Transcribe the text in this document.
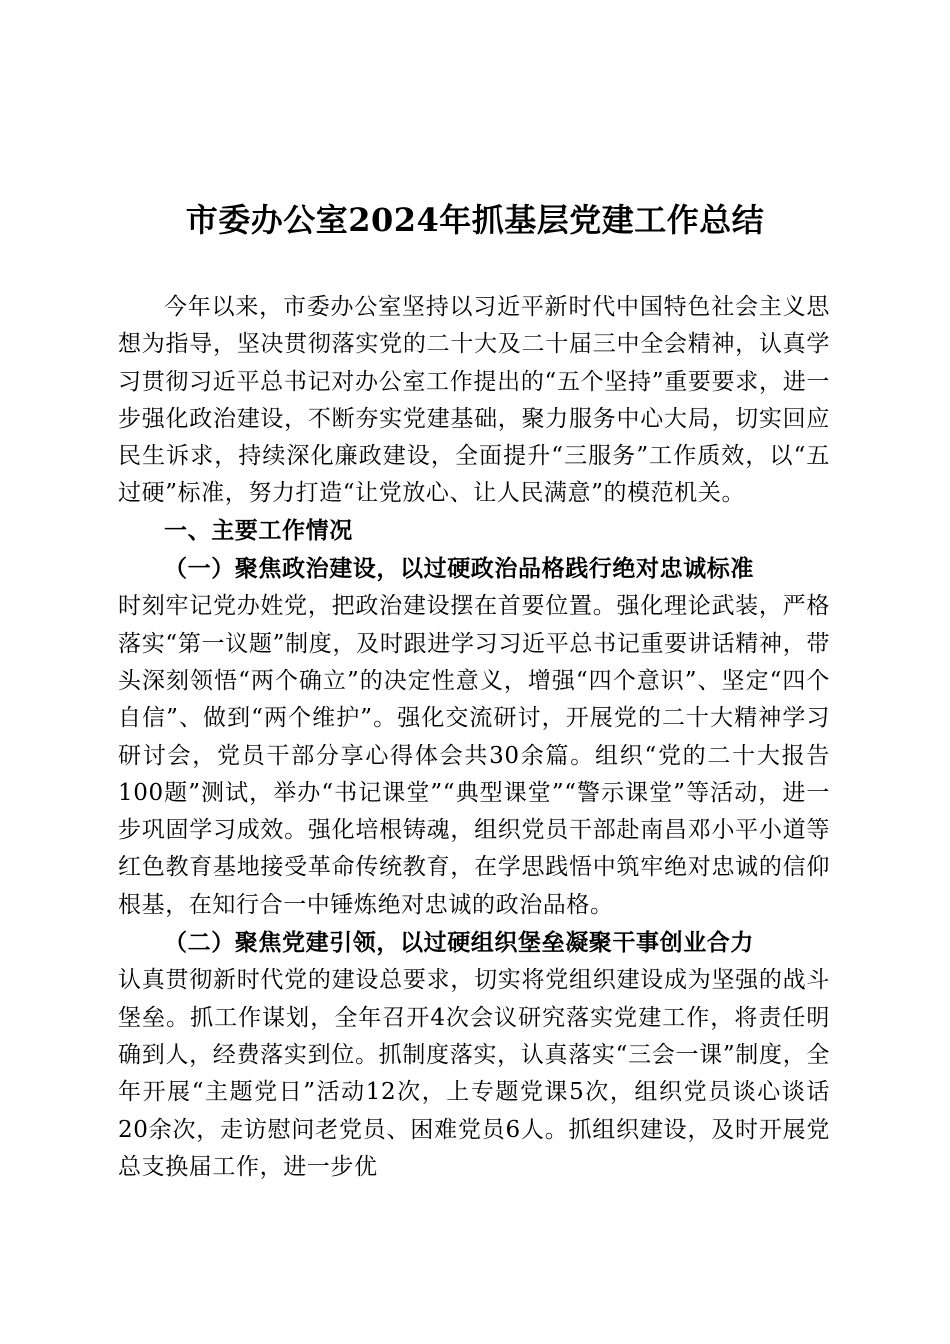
市委办公室2024年抓基层党建工作总结

今年以来，市委办公室坚持以习近平新时代中国特色社会主义思想为指导，坚决贯彻落实党的二十大及二十届三中全会精神，认真学习贯彻习近平总书记对办公室工作提出的“五个坚持”重要要求，进一步强化政治建设，不断夯实党建基础，聚力服务中心大局，切实回应民生诉求，持续深化廉政建设，全面提升“三服务”工作质效，以“五过硬”标准，努力打造“让党放心、让人民满意”的模范机关。

一、主要工作情况

（一）聚焦政治建设，以过硬政治品格践行绝对忠诚标准
时刻牢记党办姓党，把政治建设摆在首要位置。强化理论武装，严格落实“第一议题”制度，及时跟进学习习近平总书记重要讲话精神，带头深刻领悟“两个确立”的决定性意义，增强“四个意识”、坚定“四个自信”、做到“两个维护”。强化交流研讨，开展党的二十大精神学习研讨会，党员干部分享心得体会共30余篇。组织“党的二十大报告100题”测试，举办“书记课堂”“典型课堂”“警示课堂”等活动，进一步巩固学习成效。强化培根铸魂，组织党员干部赴南昌邓小平小道等红色教育基地接受革命传统教育，在学思践悟中筑牢绝对忠诚的信仰根基，在知行合一中锤炼绝对忠诚的政治品格。

（二）聚焦党建引领，以过硬组织堡垒凝聚干事创业合力
认真贯彻新时代党的建设总要求，切实将党组织建设成为坚强的战斗堡垒。抓工作谋划，全年召开4次会议研究落实党建工作，将责任明确到人，经费落实到位。抓制度落实，认真落实“三会一课”制度，全年开展“主题党日”活动12次，上专题党课5次，组织党员谈心谈话20余次，走访慰问老党员、困难党员6人。抓组织建设，及时开展党总支换届工作，进一步优
